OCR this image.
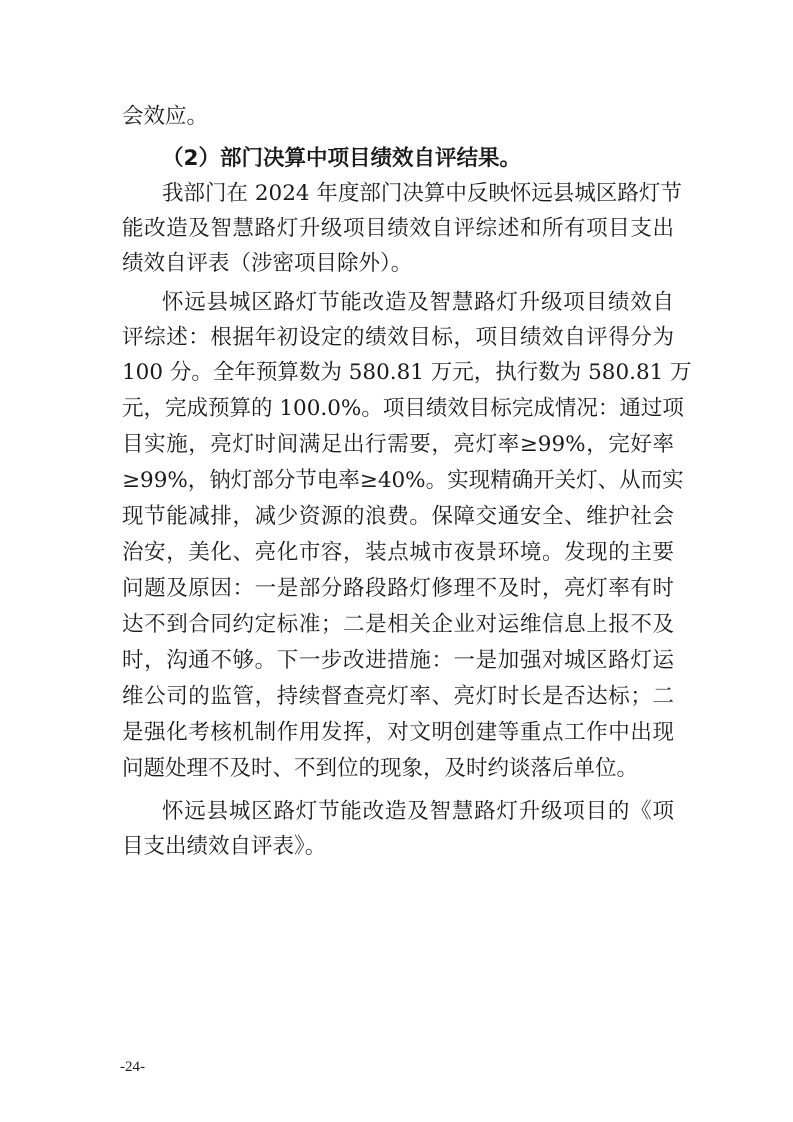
会效应。
（2）部门决算中项目绩效自评结果。
我部门在 2024 年度部门决算中反映怀远县城区路灯节
能改造及智慧路灯升级项目绩效自评综述和所有项目支出
绩效自评表（涉密项目除外）。
怀远县城区路灯节能改造及智慧路灯升级项目绩效自
评综述：根据年初设定的绩效目标，项目绩效自评得分为
100 分。全年预算数为 580.81 万元，执行数为 580.81 万
元，完成预算的 100.0%。项目绩效目标完成情况：通过项
目实施，亮灯时间满足出行需要，亮灯率≥99%，完好率
≥99%，钠灯部分节电率≥40%。实现精确开关灯、从而实
现节能减排，减少资源的浪费。保障交通安全、维护社会
治安，美化、亮化市容，装点城市夜景环境。发现的主要
问题及原因：一是部分路段路灯修理不及时，亮灯率有时
达不到合同约定标准；二是相关企业对运维信息上报不及
时，沟通不够。下一步改进措施：一是加强对城区路灯运
维公司的监管，持续督查亮灯率、亮灯时长是否达标；二
是强化考核机制作用发挥，对文明创建等重点工作中出现
问题处理不及时、不到位的现象，及时约谈落后单位。
怀远县城区路灯节能改造及智慧路灯升级项目的《项
目支出绩效自评表》。
-24-
